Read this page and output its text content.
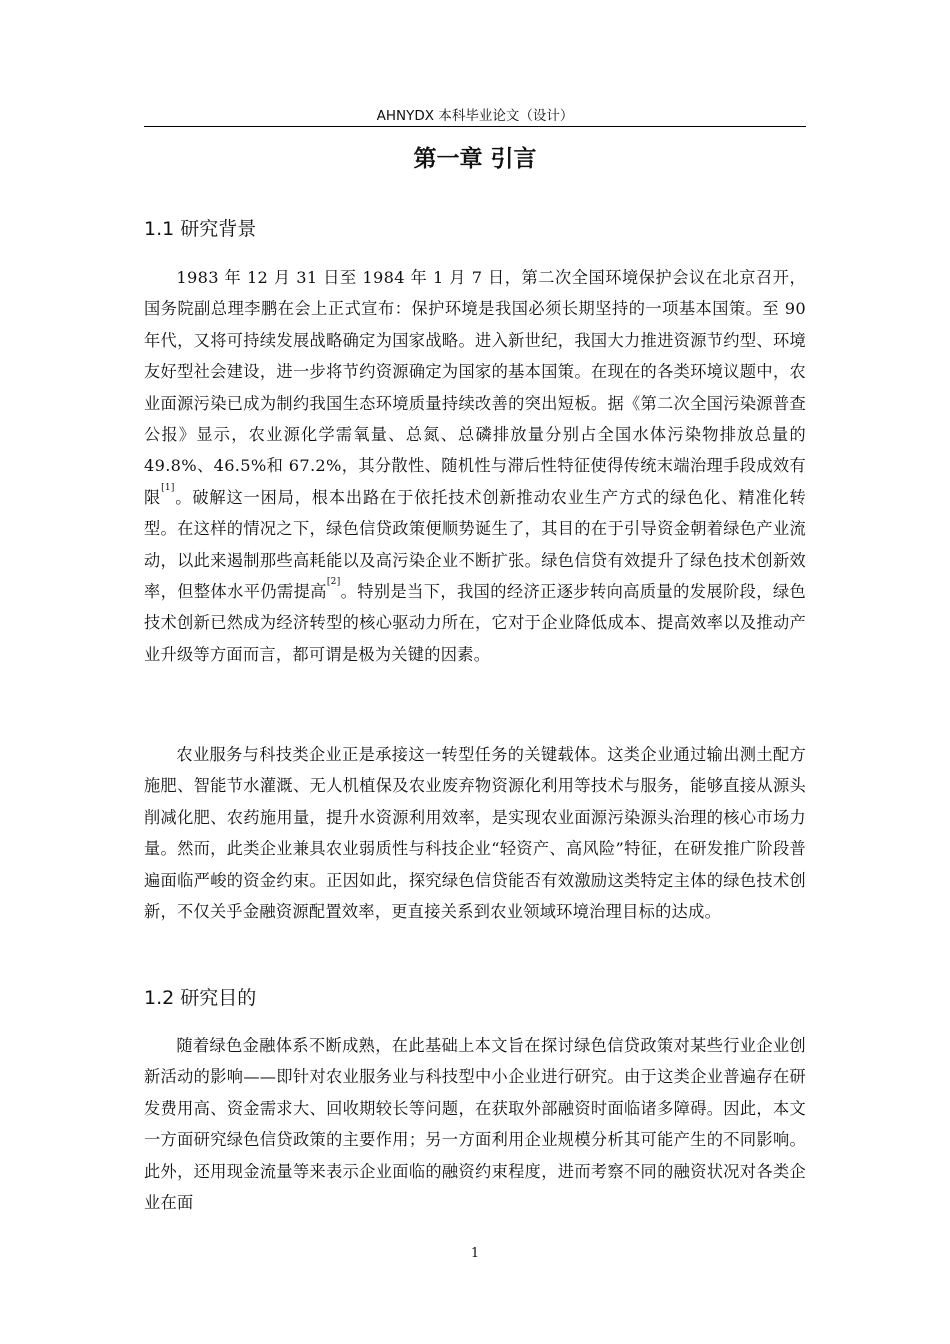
AHNYDX 本科毕业论文（设计）
第一章 引言
1.1 研究背景

1983 年 12 月 31 日至 1984 年 1 月 7 日，第二次全国环境保护会议在北京召开，国务院副总理李鹏在会上正式宣布：保护环境是我国必须长期坚持的一项基本国策。至 90 年代，又将可持续发展战略确定为国家战略。进入新世纪，我国大力推进资源节约型、环境友好型社会建设，进一步将节约资源确定为国家的基本国策。在现在的各类环境议题中，农业面源污染已成为制约我国生态环境质量持续改善的突出短板。据《第二次全国污染源普查公报》显示，农业源化学需氧量、总氮、总磷排放量分别占全国水体污染物排放总量的 49.8%、46.5%和 67.2%，其分散性、随机性与滞后性特征使得传统末端治理手段成效有限[1]。破解这一困局，根本出路在于依托技术创新推动农业生产方式的绿色化、精准化转型。在这样的情况之下，绿色信贷政策便顺势诞生了，其目的在于引导资金朝着绿色产业流动，以此来遏制那些高耗能以及高污染企业不断扩张。绿色信贷有效提升了绿色技术创新效率，但整体水平仍需提高[2]。特别是当下，我国的经济正逐步转向高质量的发展阶段，绿色技术创新已然成为经济转型的核心驱动力所在，它对于企业降低成本、提高效率以及推动产业升级等方面而言，都可谓是极为关键的因素。

农业服务与科技类企业正是承接这一转型任务的关键载体。这类企业通过输出测土配方施肥、智能节水灌溉、无人机植保及农业废弃物资源化利用等技术与服务，能够直接从源头削减化肥、农药施用量，提升水资源利用效率，是实现农业面源污染源头治理的核心市场力量。然而，此类企业兼具农业弱质性与科技企业“轻资产、高风险”特征，在研发推广阶段普遍面临严峻的资金约束。正因如此，探究绿色信贷能否有效激励这类特定主体的绿色技术创新，不仅关乎金融资源配置效率，更直接关系到农业领域环境治理目标的达成。

1.2 研究目的

随着绿色金融体系不断成熟，在此基础上本文旨在探讨绿色信贷政策对某些行业企业创新活动的影响——即针对农业服务业与科技型中小企业进行研究。由于这类企业普遍存在研发费用高、资金需求大、回收期较长等问题，在获取外部融资时面临诸多障碍。因此，本文一方面研究绿色信贷政策的主要作用；另一方面利用企业规模分析其可能产生的不同影响。此外，还用现金流量等来表示企业面临的融资约束程度，进而考察不同的融资状况对各类企业在面

1
